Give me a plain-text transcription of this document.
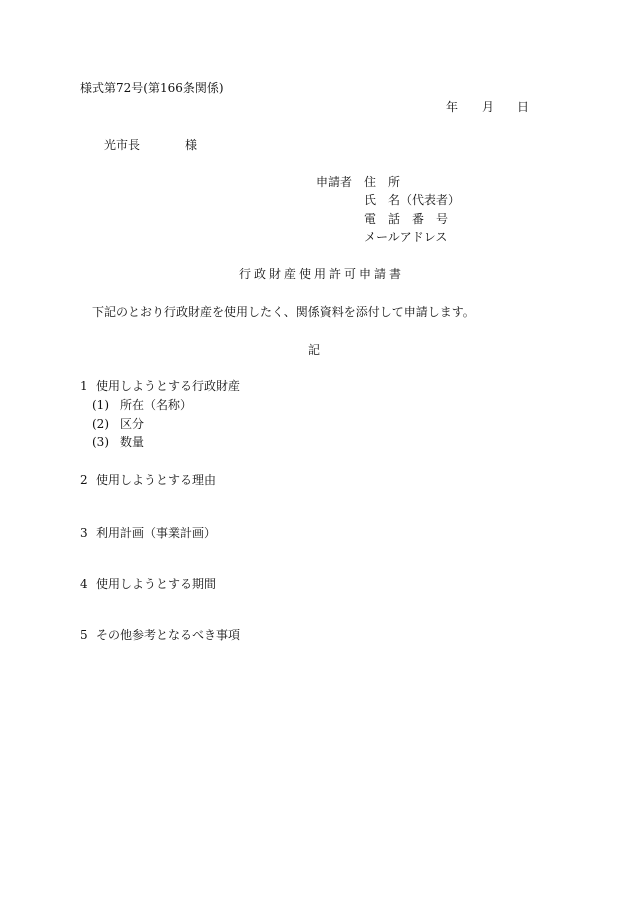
様式第72号(第166条関係)
年 月 日
光市長	様
申請者 住　所
氏　名（代表者）
電　話　番　号
メールアドレス
行政財産使用許可申請書
下記のとおり行政財産を使用したく、関係資料を添付して申請します。
記
1 使用しようとする行政財産
(1) 所在（名称）
(2) 区分
(3) 数量
2 使用しようとする理由
3 利用計画（事業計画）
4 使用しようとする期間
5 その他参考となるべき事項
